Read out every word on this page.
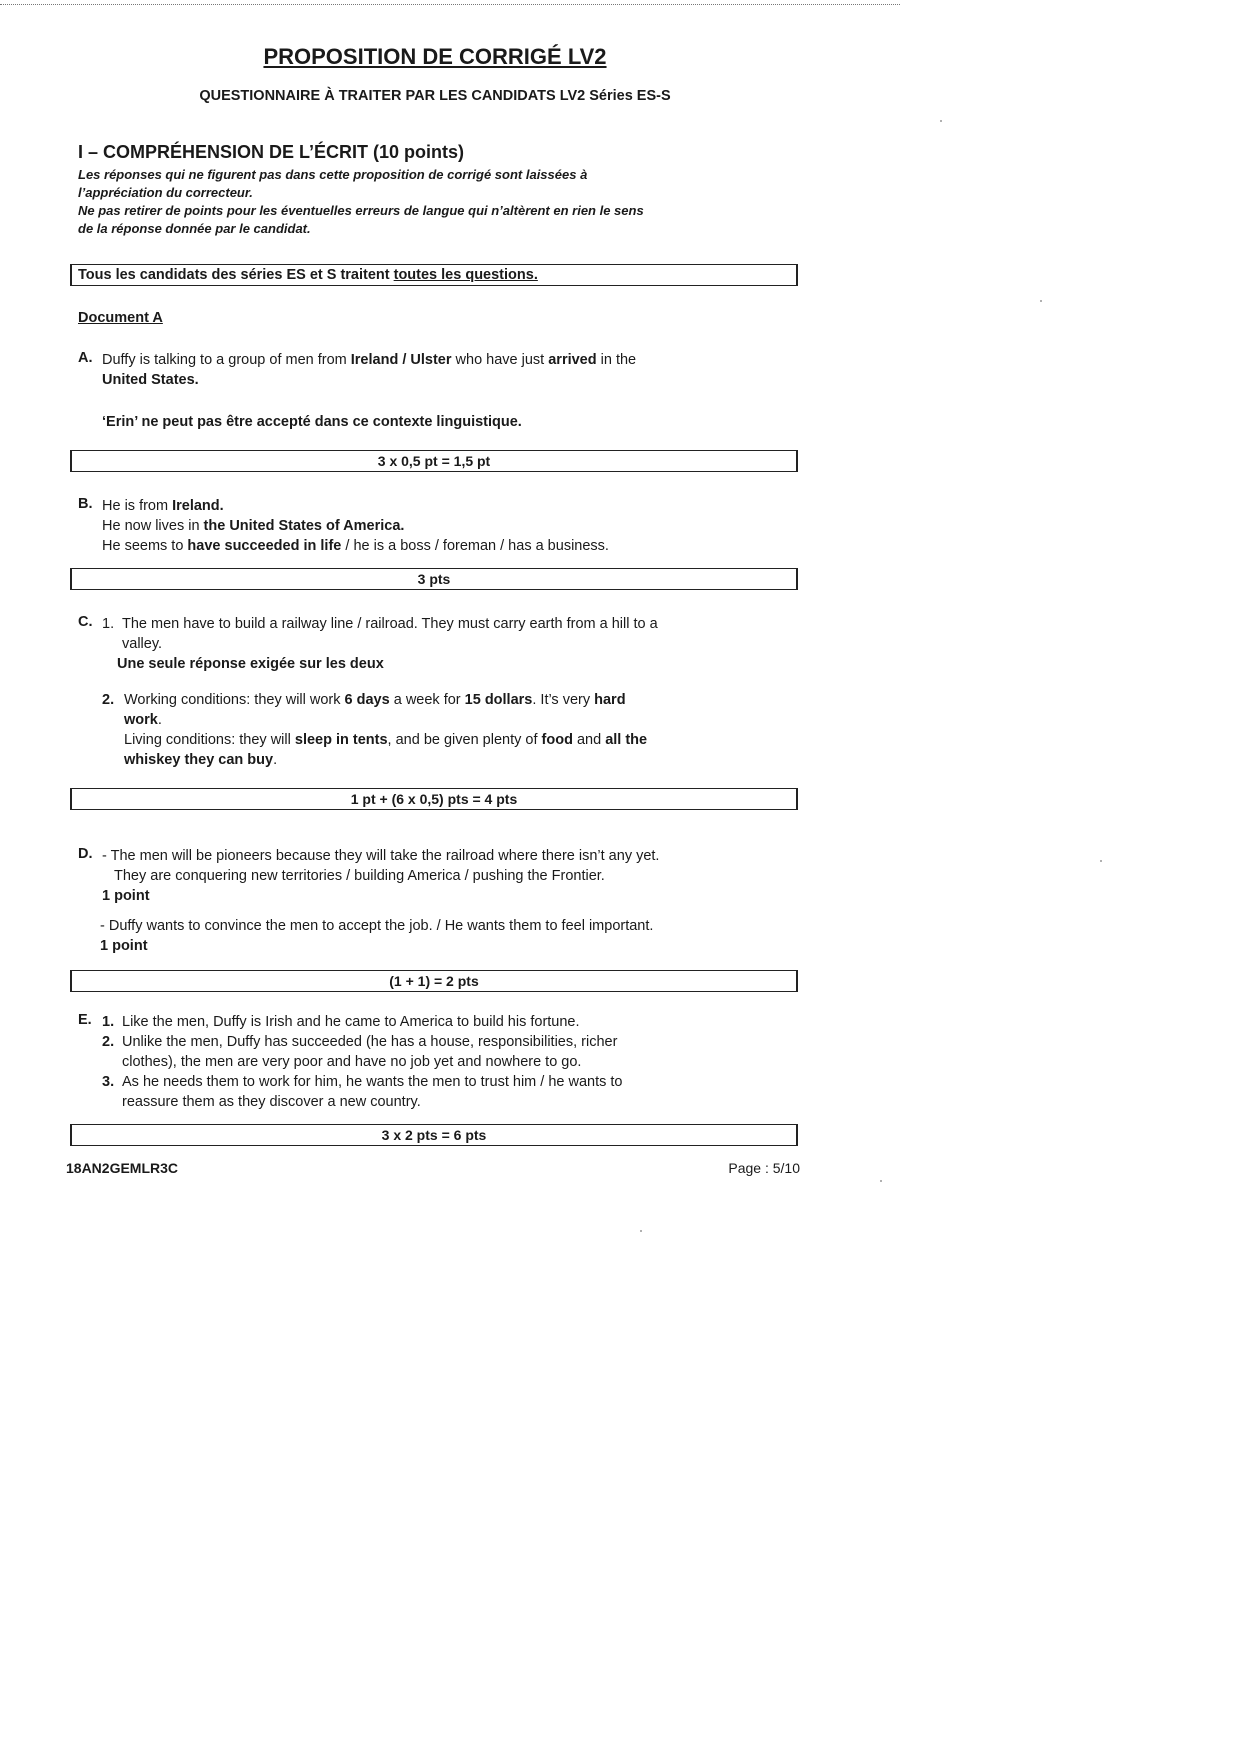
PROPOSITION DE CORRIGÉ LV2
QUESTIONNAIRE À TRAITER PAR LES CANDIDATS LV2 Séries ES-S
I – COMPRÉHENSION DE L’ÉCRIT (10 points)
Les réponses qui ne figurent pas dans cette proposition de corrigé sont laissées à
l’appréciation du correcteur.
Ne pas retirer de points pour les éventuelles erreurs de langue qui n’altèrent en rien le sens
de la réponse donnée par le candidat.
Tous les candidats des séries ES et S traitent toutes les questions.
Document A
A. Duffy is talking to a group of men from Ireland / Ulster who have just arrived in the
United States.
‘Erin’ ne peut pas être accepté dans ce contexte linguistique.
3 x 0,5 pt = 1,5 pt
B. He is from Ireland.
He now lives in the United States of America.
He seems to have succeeded in life / he is a boss / foreman / has a business.
3 pts
C. 1. The men have to build a railway line / railroad. They must carry earth from a hill to a
valley.
Une seule réponse exigée sur les deux
2. Working conditions: they will work 6 days a week for 15 dollars. It’s very hard
work.
Living conditions: they will sleep in tents, and be given plenty of food and all the
whiskey they can buy.
1 pt + (6 x 0,5) pts = 4 pts
D. - The men will be pioneers because they will take the railroad where there isn’t any yet.
They are conquering new territories / building America / pushing the Frontier.
1 point
- Duffy wants to convince the men to accept the job. / He wants them to feel important.
1 point
(1 + 1) = 2 pts
E. 1. Like the men, Duffy is Irish and he came to America to build his fortune.
2. Unlike the men, Duffy has succeeded (he has a house, responsibilities, richer
clothes), the men are very poor and have no job yet and nowhere to go.
3. As he needs them to work for him, he wants the men to trust him / he wants to
reassure them as they discover a new country.
3 x 2 pts = 6 pts
18AN2GEMLR3C	Page : 5/10
